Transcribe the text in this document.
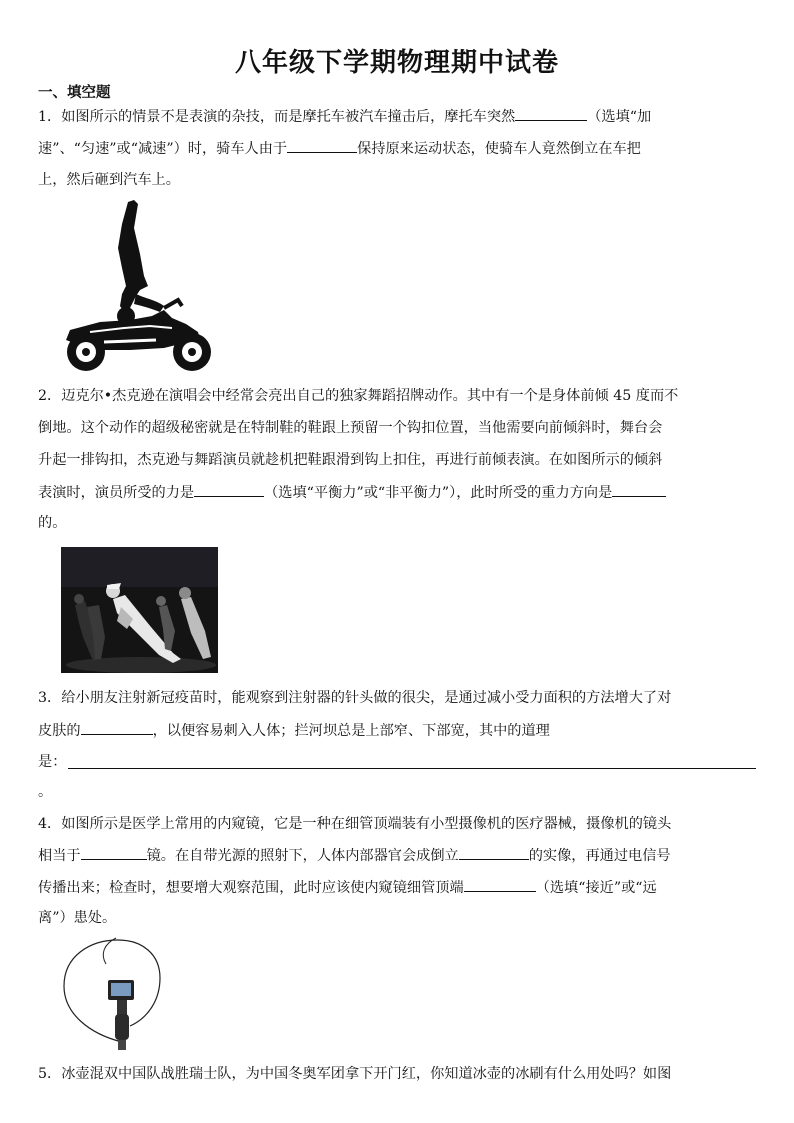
八年级下学期物理期中试卷
一、填空题
1．如图所示的情景不是表演的杂技，而是摩托车被汽车撞击后，摩托车突然	（选填“加
速”、“匀速”或“减速”）时，骑车人由于	保持原来运动状态，使骑车人竟然倒立在车把
上，然后砸到汽车上。
2．迈克尔•杰克逊在演唱会中经常会亮出自己的独家舞蹈招牌动作。其中有一个是身体前倾 45 度而不
倒地。这个动作的超级秘密就是在特制鞋的鞋跟上预留一个钩扣位置，当他需要向前倾斜时，舞台会
升起一排钩扣，杰克逊与舞蹈演员就趁机把鞋跟滑到钩上扣住，再进行前倾表演。在如图所示的倾斜
表演时，演员所受的力是	（选填“平衡力”或“非平衡力”），此时所受的重力方向是
的。
3．给小朋友注射新冠疫苗时，能观察到注射器的针头做的很尖，是通过减小受力面积的方法增大了对
皮肤的	，以便容易刺入人体；拦河坝总是上部窄、下部宽，其中的道理
是：
。
4．如图所示是医学上常用的内窥镜，它是一种在细管顶端装有小型摄像机的医疗器械，摄像机的镜头
相当于	镜。在自带光源的照射下，人体内部器官会成倒立	的实像，再通过电信号
传播出来；检查时，想要增大观察范围，此时应该使内窥镜细管顶端	（选填“接近”或“远
离”）患处。
5．冰壶混双中国队战胜瑞士队，为中国冬奥军团拿下开门红，你知道冰壶的冰刷有什么用处吗？如图
